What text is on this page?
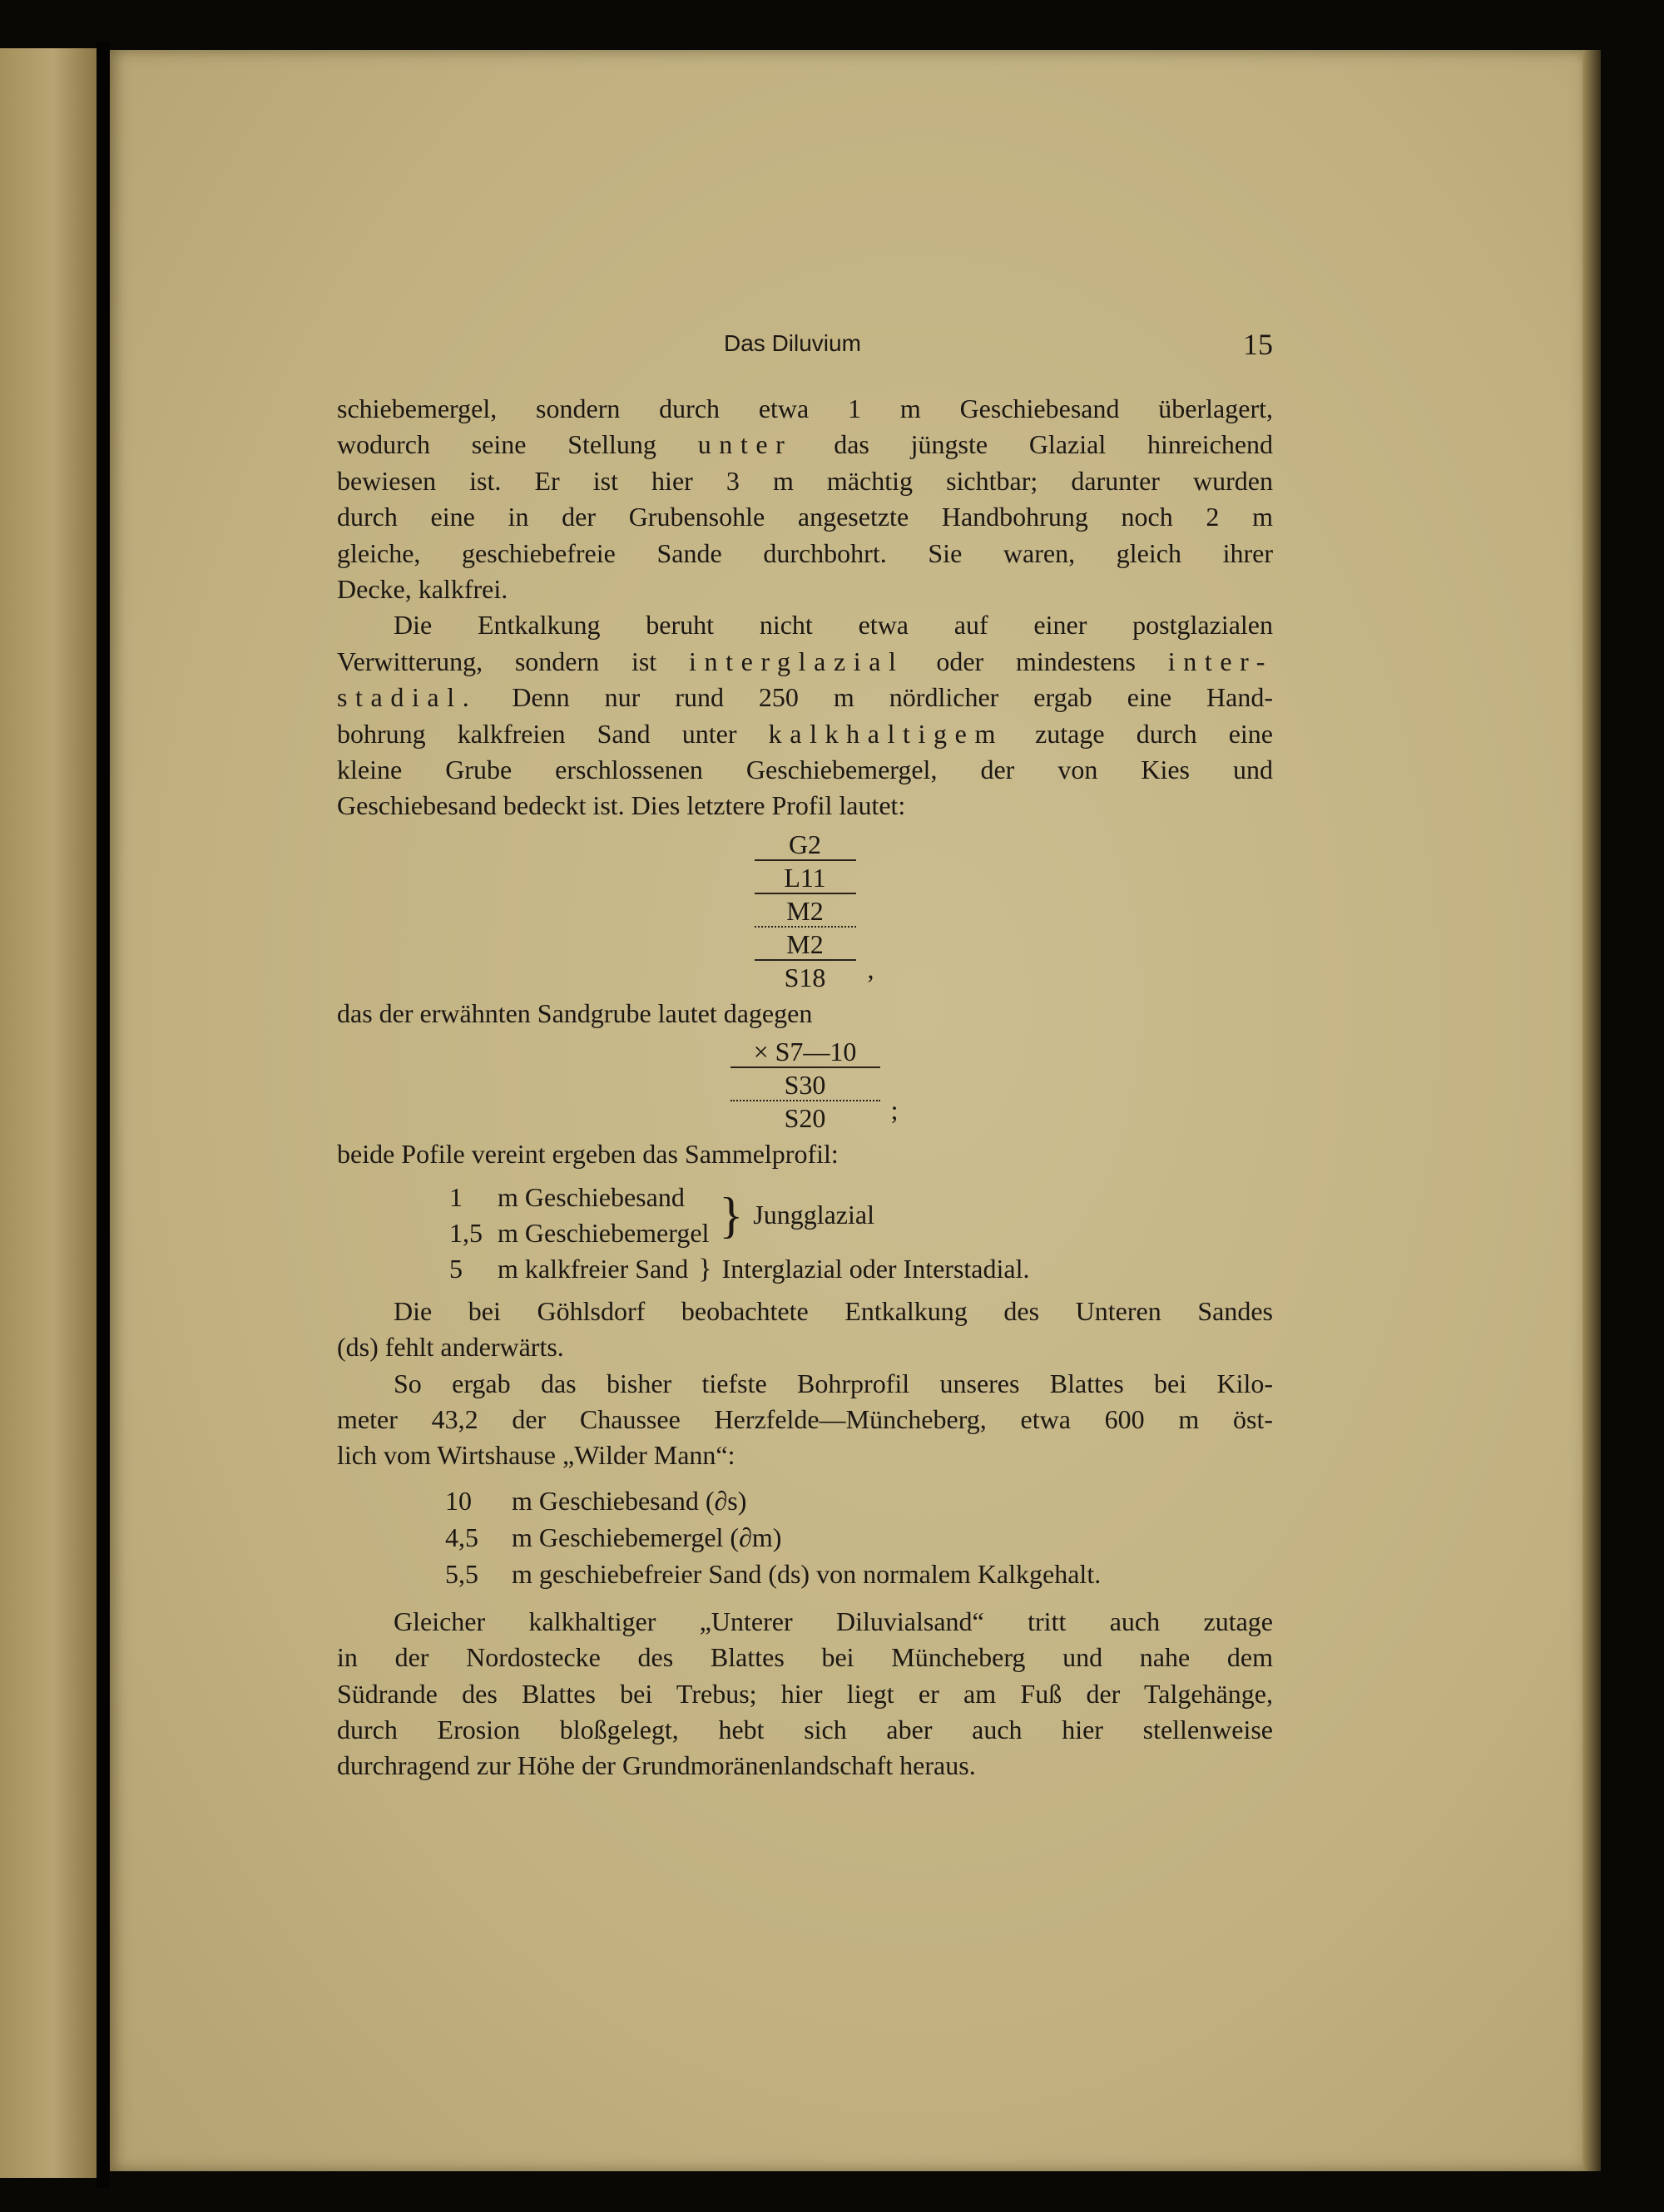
Das Diluvium	15

schiebemergel, sondern durch etwa 1 m Geschiebesand überlagert,

wodurch seine Stellung unter das jüngste Glazial hinreichend

bewiesen ist. Er ist hier 3 m mächtig sichtbar; darunter wurden

durch eine in der Grubensohle angesetzte Handbohrung noch 2 m

gleiche, geschiebefreie Sande durchbohrt. Sie waren, gleich ihrer

Decke, kalkfrei.

Die Entkalkung beruht nicht etwa auf einer postglazialen

Verwitterung, sondern ist interglazial oder mindestens inter-

stadial. Denn nur rund 250 m nördlicher ergab eine Hand-

bohrung kalkfreien Sand unter kalkhaltigem zutage durch eine

kleine Grube erschlossenen Geschiebemergel, der von Kies und

Geschiebesand bedeckt ist. Dies letztere Profil lautet:

G2
L11
M2
M2
S18 ,

das der erwähnten Sandgrube lautet dagegen

× S7—10
S30
S20 ;

beide Pofile vereint ergeben das Sammelprofil:

1	m Geschiebesand
1,5 m Geschiebemergel } Jungglazial
5	m kalkfreier Sand } Interglazial oder Interstadial.

Die bei Göhlsdorf beobachtete Entkalkung des Unteren Sandes

(ds) fehlt anderwärts.

So ergab das bisher tiefste Bohrprofil unseres Blattes bei Kilo-

meter 43,2 der Chaussee Herzfelde—Müncheberg, etwa 600 m öst-

lich vom Wirtshause „Wilder Mann“:

10 m Geschiebesand (∂s)
4,5 m Geschiebemergel (∂m)
5,5 m geschiebefreier Sand (ds) von normalem Kalkgehalt.

Gleicher kalkhaltiger „Unterer Diluvialsand“ tritt auch zutage

in der Nordostecke des Blattes bei Müncheberg und nahe dem

Südrande des Blattes bei Trebus; hier liegt er am Fuß der Talgehänge,

durch Erosion bloßgelegt, hebt sich aber auch hier stellenweise

durchragend zur Höhe der Grundmoränenlandschaft heraus.
